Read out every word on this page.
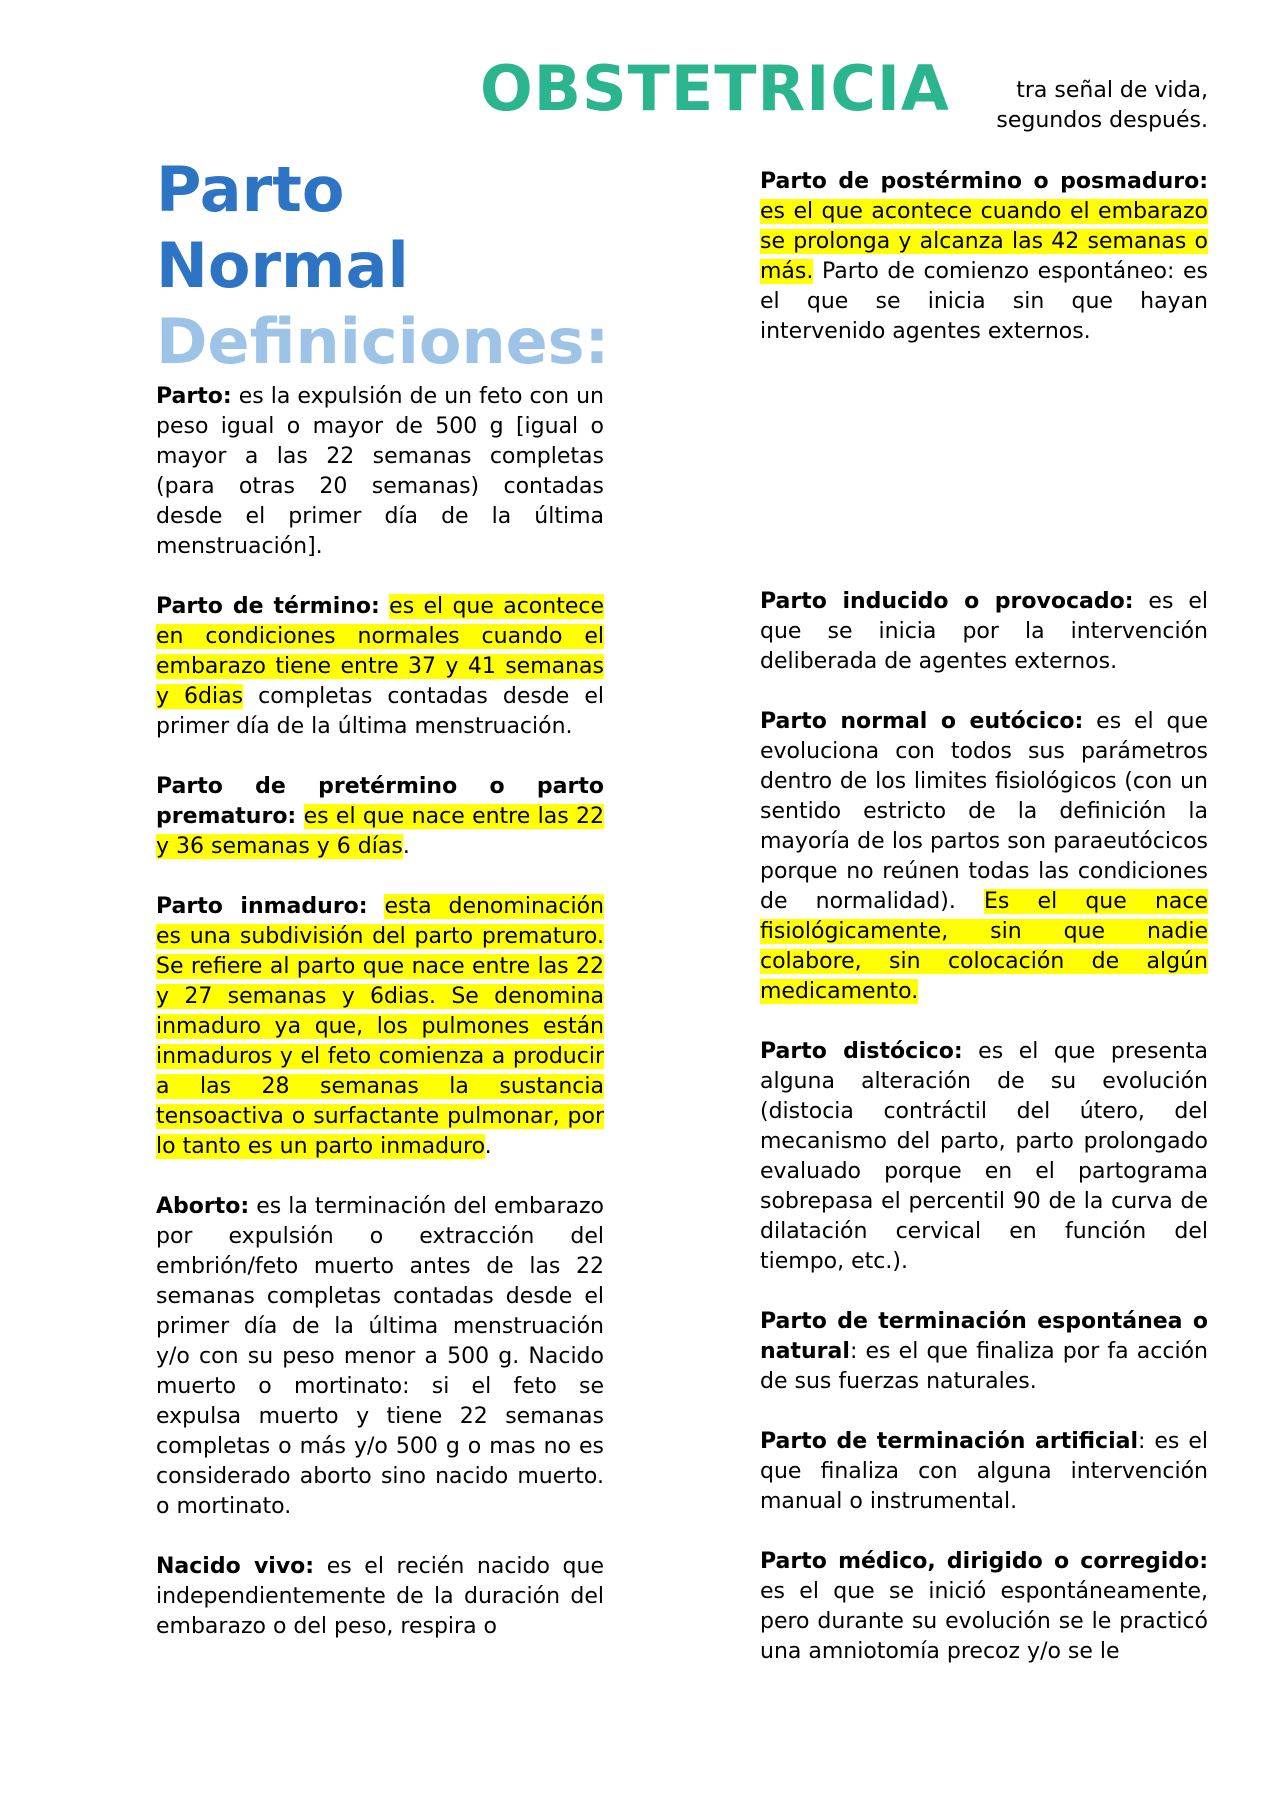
OBSTETRICIA	tra señal de vida,
segundos después.
Parto
Normal
Definiciones:

Parto: es la expulsión de un feto con un peso igual o mayor de 500 g [igual o mayor a las 22 semanas completas (para otras 20 semanas) contadas desde el primer día de la última menstruación].

Parto de término: es el que acontece en condiciones normales cuando el embarazo tiene entre 37 y 41 semanas y 6dias completas contadas desde el primer día de la última menstruación.

Parto de pretérmino o parto prematuro: es el que nace entre las 22 y 36 semanas y 6 días.

Parto inmaduro: esta denominación es una subdivisión del parto prematuro. Se refiere al parto que nace entre las 22 y 27 semanas y 6dias. Se denomina inmaduro ya que, los pulmones están inmaduros y el feto comienza a producir a las 28 semanas la sustancia tensoactiva o surfactante pulmonar, por lo tanto es un parto inmaduro.

Aborto: es la terminación del embarazo por expulsión o extracción del embrión/feto muerto antes de las 22 semanas completas contadas desde el primer día de la última menstruación y/o con su peso menor a 500 g. Nacido muerto o mortinato: si el feto se expulsa muerto y tiene 22 semanas completas o más y/o 500 g o mas no es considerado aborto sino nacido muerto. o mortinato.

Nacido vivo: es el recién nacido que independientemente de la duración del embarazo o del peso, respira o

Parto de postérmino o posmaduro: es el que acontece cuando el embarazo se prolonga y alcanza las 42 semanas o más. Parto de comienzo espontáneo: es el que se inicia sin que hayan intervenido agentes externos.

Parto inducido o provocado: es el que se inicia por la intervención deliberada de agentes externos.

Parto normal o eutócico: es el que evoluciona con todos sus parámetros dentro de los limites fisiológicos (con un sentido estricto de la definición la mayoría de los partos son paraeutócicos porque no reúnen todas las condiciones de normalidad). Es el que nace fisiológicamente, sin que nadie colabore, sin colocación de algún medicamento.

Parto distócico: es el que presenta alguna alteración de su evolución (distocia contráctil del útero, del mecanismo del parto, parto prolongado evaluado porque en el partograma sobrepasa el percentil 90 de la curva de dilatación cervical en función del tiempo, etc.).

Parto de terminación espontánea o natural: es el que finaliza por fa acción de sus fuerzas naturales.

Parto de terminación artificial: es el que finaliza con alguna intervención manual o instrumental.

Parto médico, dirigido o corregido: es el que se inició espontáneamente, pero durante su evolución se le practicó una amniotomía precoz y/o se le
